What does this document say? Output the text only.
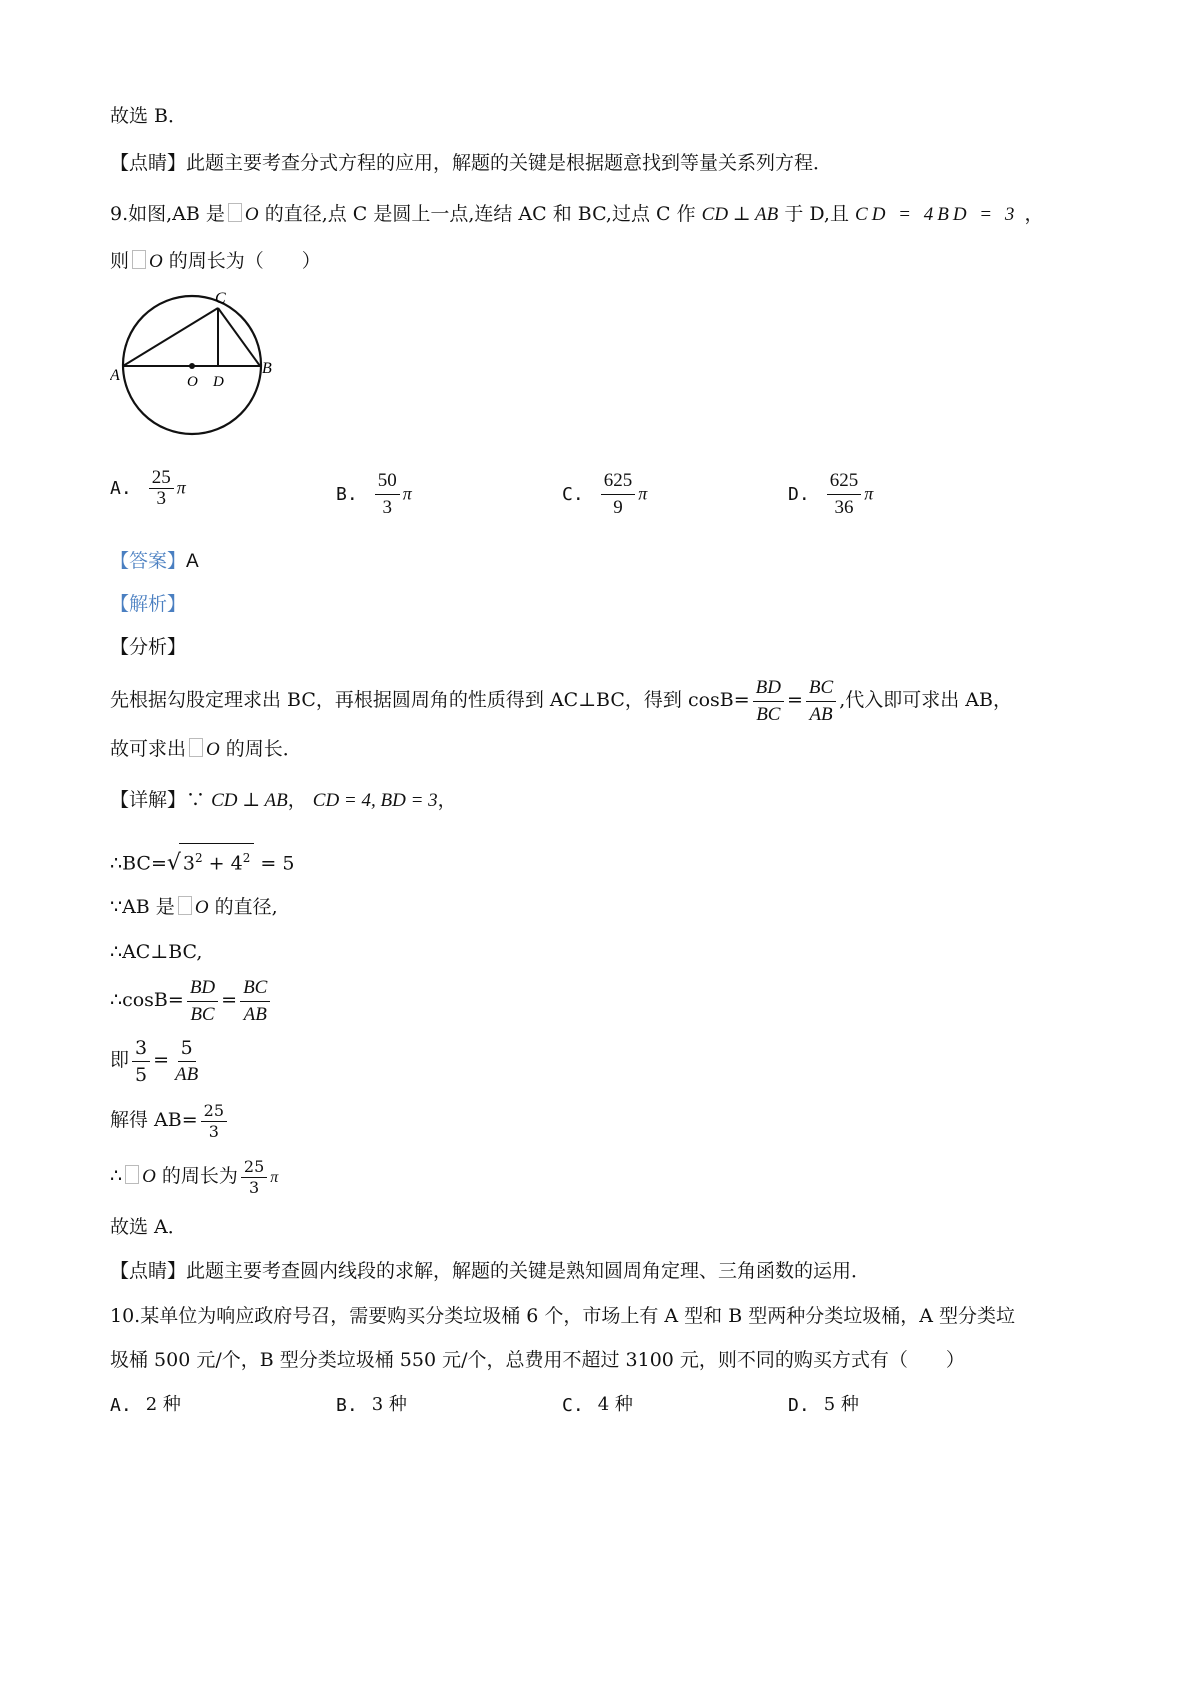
故选 B．
【点睛】此题主要考查分式方程的应用，解题的关键是根据题意找到等量关系列方程．
9.如图,AB 是 O 的直径,点 C 是圆上一点,连结 AC 和 BC,过点 C 作 CD ⊥ AB 于 D,且 CD = 4BD = 3 ，
则 O 的周长为（　　）
A	B
C
O D
A. $\frac{25}{3}$ π	B. $\frac{50}{3}$ π	C. $\frac{625}{9}$ π	D. $\frac{625}{36}$ π
【答案】A
【解析】
【分析】
先根据勾股定理求出 BC，再根据圆周角的性质得到 AC⊥BC，得到 $\cos B= \frac{BD}{BC} = \frac{BC}{AB}$ ,代入即可求出 AB，
故可求出 O 的周长．
【详解】∵ CD ⊥ AB， CD = 4, BD = 3，
∴BC=√ $3^2 + 4^2 = 5$
∵AB 是 O 的直径,
∴AC⊥BC,
∴cosB= $\frac{BD}{BC} = \frac{BC}{AB}$
即 $\frac{3}{5} = \frac{5}{AB}$
解得 $AB= \frac{25}{3}$
∴ O 的周长为 $\frac{25}{3}$ π
故选 A．
【点睛】此题主要考查圆内线段的求解，解题的关键是熟知圆周角定理、三角函数的运用．
10.某单位为响应政府号召，需要购买分类垃圾桶 6 个，市场上有 A 型和 B 型两种分类垃圾桶，A 型分类垃
圾桶 500 元/个，B 型分类垃圾桶 550 元/个，总费用不超过 3100 元，则不同的购买方式有（　　）
A. 2 种	B. 3 种	C. 4 种	D. 5 种
